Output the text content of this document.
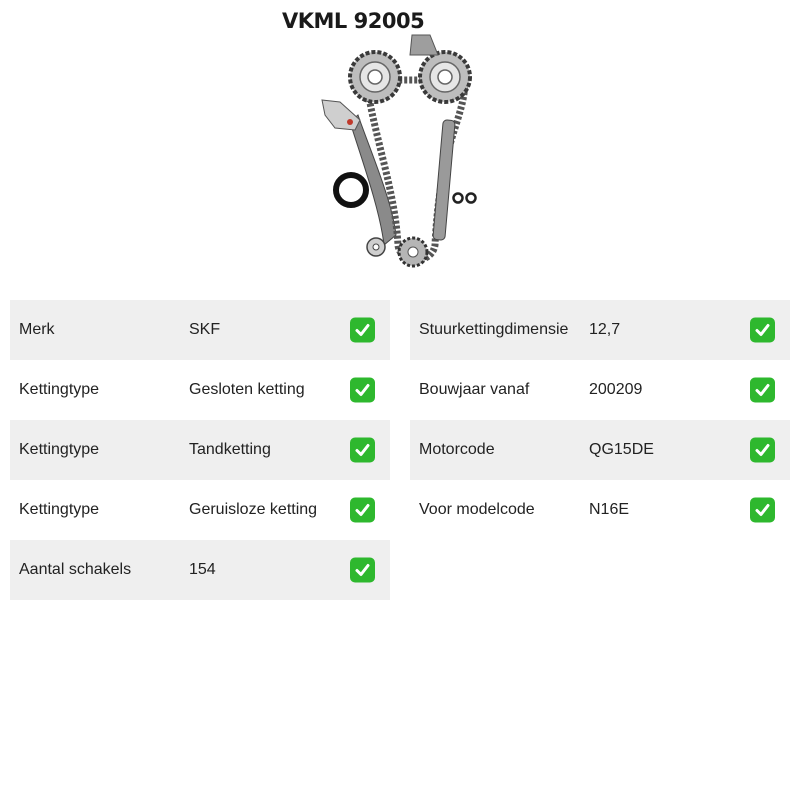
VKML 92005
Merk	SKF
Kettingtype	Gesloten ketting
Kettingtype	Tandketting
Kettingtype	Geruisloze ketting
Aantal schakels	154
Stuurkettingdimensie 12,7
Bouwjaar vanaf	200209
Motorcode	QG15DE
Voor modelcode	N16E
